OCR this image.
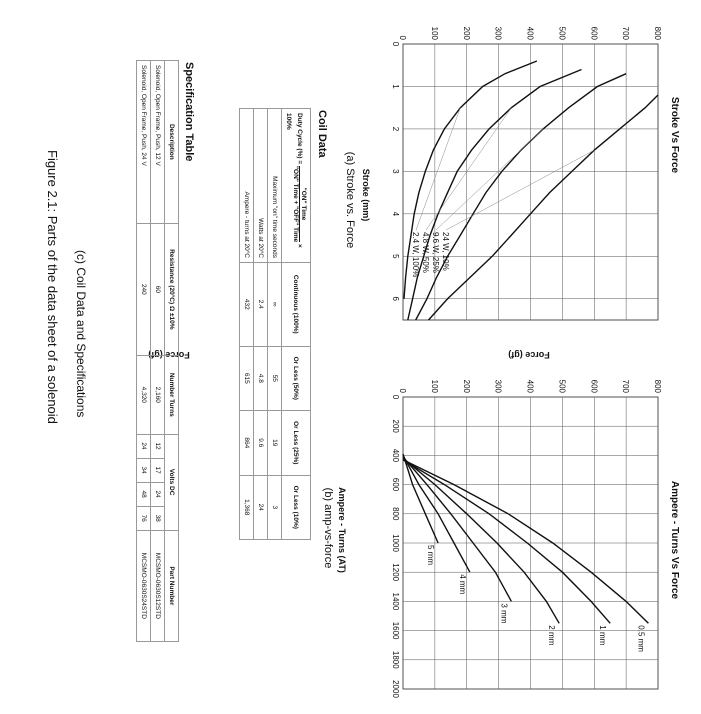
0	100	200	300	400	500	600	700	800
0
1
2
3
4
5
6
24 W, 10%
9.6 W, 25%
4.8 W, 50%
2.4 W, 100%
Stroke Vs Force
Stroke (mm)
Force (gf)
(a) Stroke vs. Force
0	100	200	300	400	500	600	700	800
0
200
400
600
800
1000
1200
1400
1600
1800
2000
0.5 mm
1 mm
2 mm
3 mm
4 mm
5 mm	Ampere - Turns Vs Force
Ampere - Turns (AT)
Force (gf)
(b) amp-vs-force
Coil Data
Duty Cycle (%) =
"ON" Time
"ON" Time + "OFF" Time
× 100%	Continuous (100%)	Or Less (50%)	Or Less (25%)	Or Less (10%)
Maximum "on" time seconds	∞	55	19	3
Watts at 20°C	2.4	4.8	9.6	24
Ampere - turns at 20°C	432	615	864	1,368
Specification Table
Description	Resistance (20°C) Ω ±10%	Number Turns	Volts DC				Part Number
Solenoid, Open Frame, Push, 12 V	60	2,160	12	17	24	38	MCSMO-0630S12STD
Solenoid, Open Frame, Push, 24 V	240	4,320	24	34	48	76	MCSMO-0630S24STD
(c) Coil Data and Specifications
Figure 2.1: Parts of the data sheet of a solenoid
